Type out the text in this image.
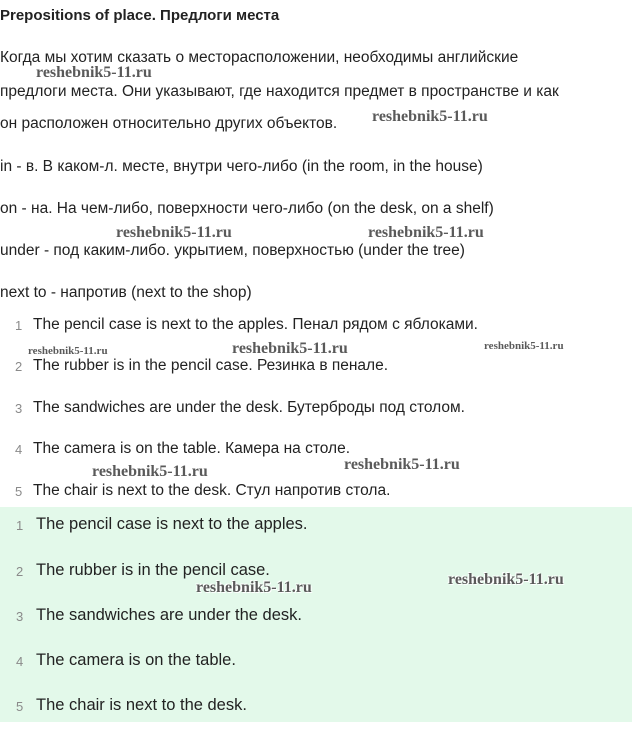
Prepositions of place. Предлоги места
Когда мы хотим сказать о месторасположении, необходимы английские
предлоги места. Они указывают, где находится предмет в пространстве и как
он расположен относительно других объектов.
in - в. В каком-л. месте, внутри чего-либо (in the room, in the house)
on - на. На чем-либо, поверхности чего-либо (on the desk, on a shelf)
under - под каким-либо. укрытием, поверхностью (under the tree)
next to - напротив (next to the shop)
1 The pencil case is next to the apples. Пенал рядом с яблоками.
2 The rubber is in the pencil case. Резинка в пенале.
3 The sandwiches are under the desk. Бутерброды под столом.
4 The camera is on the table. Камера на столе.
5 The chair is next to the desk. Стул напротив стола.
1 The pencil case is next to the apples.
2 The rubber is in the pencil case.
3 The sandwiches are under the desk.
4 The camera is on the table.
5 The chair is next to the desk.
reshebnik5-11.ru
reshebnik5-11.ru
reshebnik5-11.ru	reshebnik5-11.ru
reshebnik5-11.ru	reshebnik5-11.ru	reshebnik5-11.ru
reshebnik5-11.ru
reshebnik5-11.ru
reshebnik5-11.ru
reshebnik5-11.ru
